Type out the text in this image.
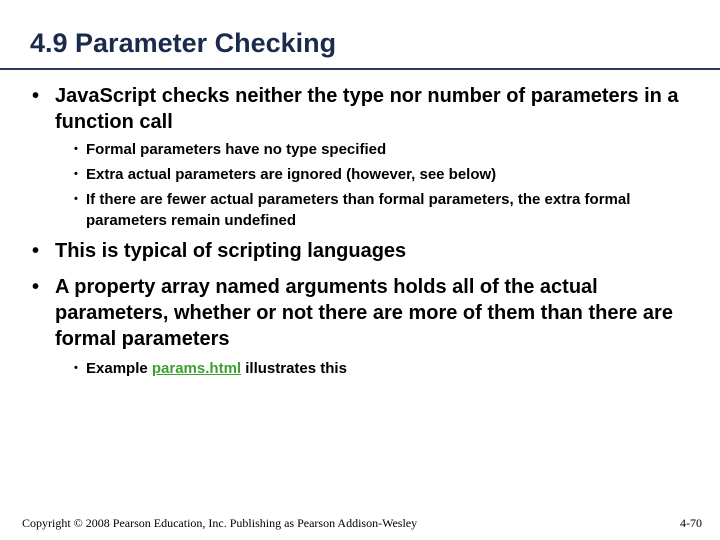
4.9 Parameter Checking
• JavaScript checks neither the type nor number of parameters in a function call
• Formal parameters have no type specified
• Extra actual parameters are ignored (however, see below)
• If there are fewer actual parameters than formal parameters, the extra formal parameters remain undefined
• This is typical of scripting languages
• A property array named arguments holds all of the actual parameters, whether or not there are more of them than there are formal parameters
• Example params.html illustrates this
Copyright © 2008 Pearson Education, Inc. Publishing as Pearson Addison-Wesley	4-70
